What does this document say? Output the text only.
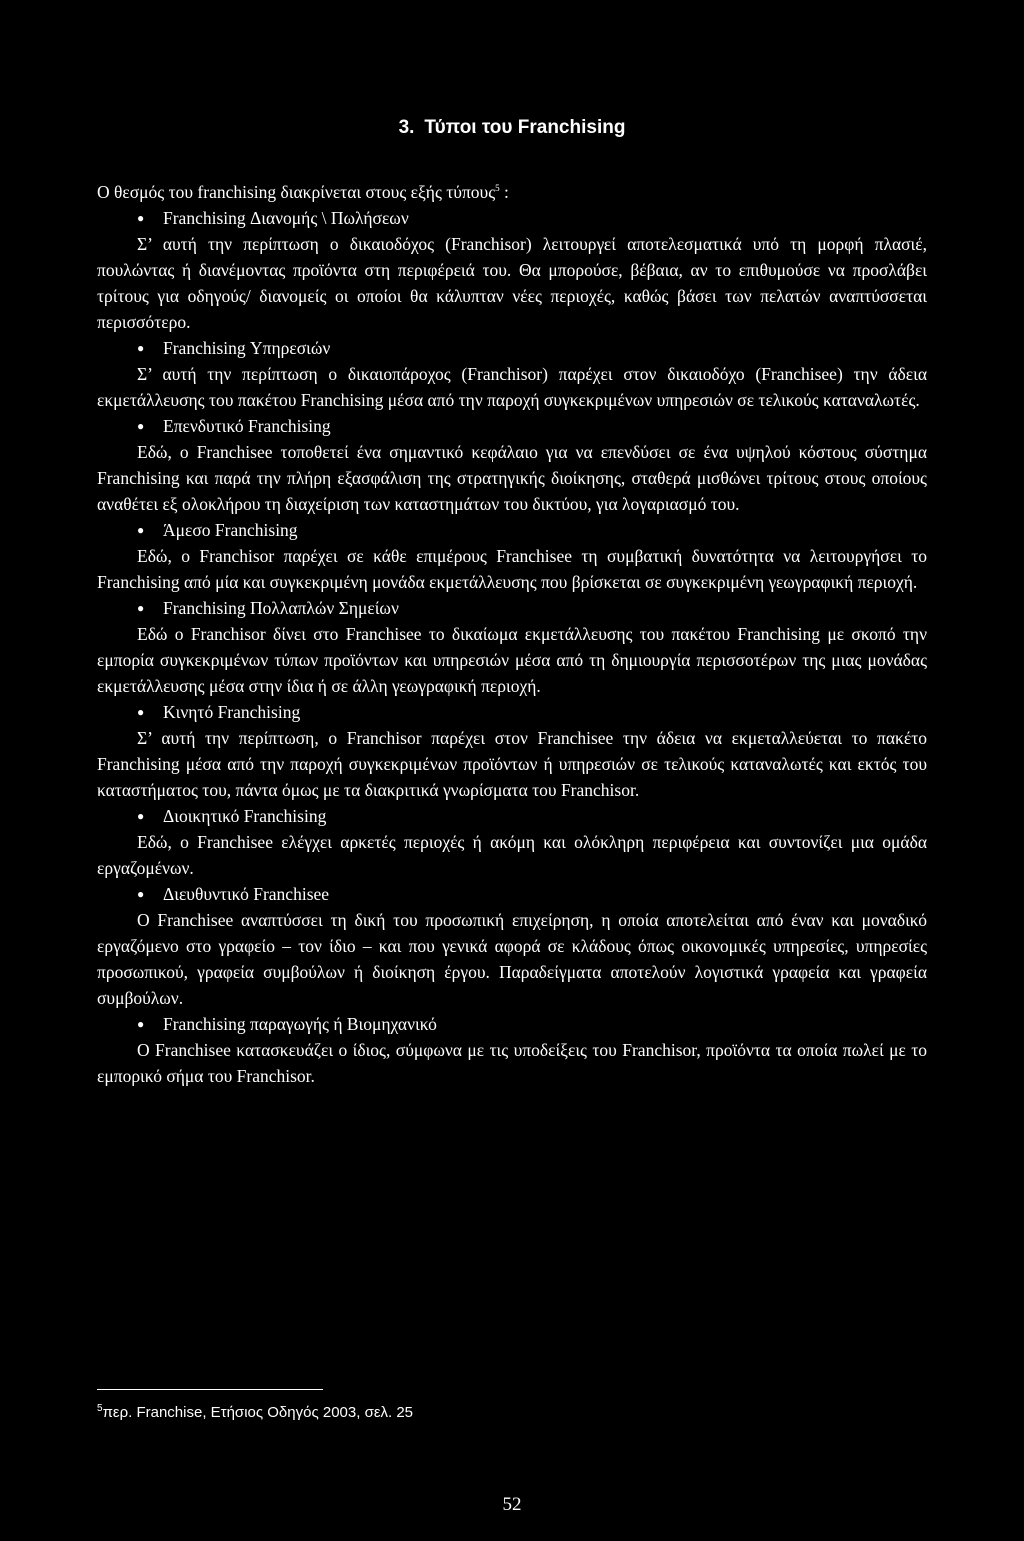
3. Τύποι του Franchising

Ο θεσμός του franchising διακρίνεται στους εξής τύπους$^5$ :

●	Franchising Διανομής \ Πωλήσεων

Σ’ αυτή την περίπτωση ο δικαιοδόχος (Franchisor) λειτουργεί αποτελεσματικά υπό τη μορφή πλασιέ, πουλώντας ή διανέμοντας προϊόντα στη περιφέρειά του. Θα μπορούσε, βέβαια, αν το επιθυμούσε να προσλάβει τρίτους για οδηγούς/ διανομείς οι οποίοι θα κάλυπταν νέες περιοχές, καθώς βάσει των πελατών αναπτύσσεται περισσότερο.

●	Franchising Υπηρεσιών

Σ’ αυτή την περίπτωση ο δικαιοπάροχος (Franchisor) παρέχει στον δικαιοδόχο (Franchisee) την άδεια εκμετάλλευσης του πακέτου Franchising μέσα από την παροχή συγκεκριμένων υπηρεσιών σε τελικούς καταναλωτές.

●	Επενδυτικό Franchising

Εδώ, ο Franchisee τοποθετεί ένα σημαντικό κεφάλαιο για να επενδύσει σε ένα υψηλού κόστους σύστημα Franchising και παρά την πλήρη εξασφάλιση της στρατηγικής διοίκησης, σταθερά μισθώνει τρίτους στους οποίους αναθέτει εξ ολοκλήρου τη διαχείριση των καταστημάτων του δικτύου, για λογαριασμό του.

●	Άμεσο Franchising

Εδώ, ο Franchisor παρέχει σε κάθε επιμέρους Franchisee τη συμβατική δυνατότητα να λειτουργήσει το Franchising από μία και συγκεκριμένη μονάδα εκμετάλλευσης που βρίσκεται σε συγκεκριμένη γεωγραφική περιοχή.

●	Franchising Πολλαπλών Σημείων

Εδώ ο Franchisor δίνει στο Franchisee το δικαίωμα εκμετάλλευσης του πακέτου Franchising με σκοπό την εμπορία συγκεκριμένων τύπων προϊόντων και υπηρεσιών μέσα από τη δημιουργία περισσοτέρων της μιας μονάδας εκμετάλλευσης μέσα στην ίδια ή σε άλλη γεωγραφική περιοχή.

●	Κινητό Franchising

Σ’ αυτή την περίπτωση, ο Franchisor παρέχει στον Franchisee την άδεια να εκμεταλλεύεται το πακέτο Franchising μέσα από την παροχή συγκεκριμένων προϊόντων ή υπηρεσιών σε τελικούς καταναλωτές και εκτός του καταστήματος του, πάντα όμως με τα διακριτικά γνωρίσματα του Franchisor.

●	Διοικητικό Franchising

Εδώ, ο Franchisee ελέγχει αρκετές περιοχές ή ακόμη και ολόκληρη περιφέρεια και συντονίζει μια ομάδα εργαζομένων.

●	Διευθυντικό Franchisee

Ο Franchisee αναπτύσσει τη δική του προσωπική επιχείρηση, η οποία αποτελείται από έναν και μοναδικό εργαζόμενο στο γραφείο – τον ίδιο – και που γενικά αφορά σε κλάδους όπως οικονομικές υπηρεσίες, υπηρεσίες προσωπικού, γραφεία συμβούλων ή διοίκηση έργου. Παραδείγματα αποτελούν λογιστικά γραφεία και γραφεία συμβούλων.

●	Franchising παραγωγής ή Βιομηχανικό

Ο Franchisee κατασκευάζει ο ίδιος, σύμφωνα με τις υποδείξεις του Franchisor, προϊόντα τα οποία πωλεί με το εμπορικό σήμα του Franchisor.

$^5$περ. Franchise, Ετήσιος Οδηγός 2003, σελ. 25

52
